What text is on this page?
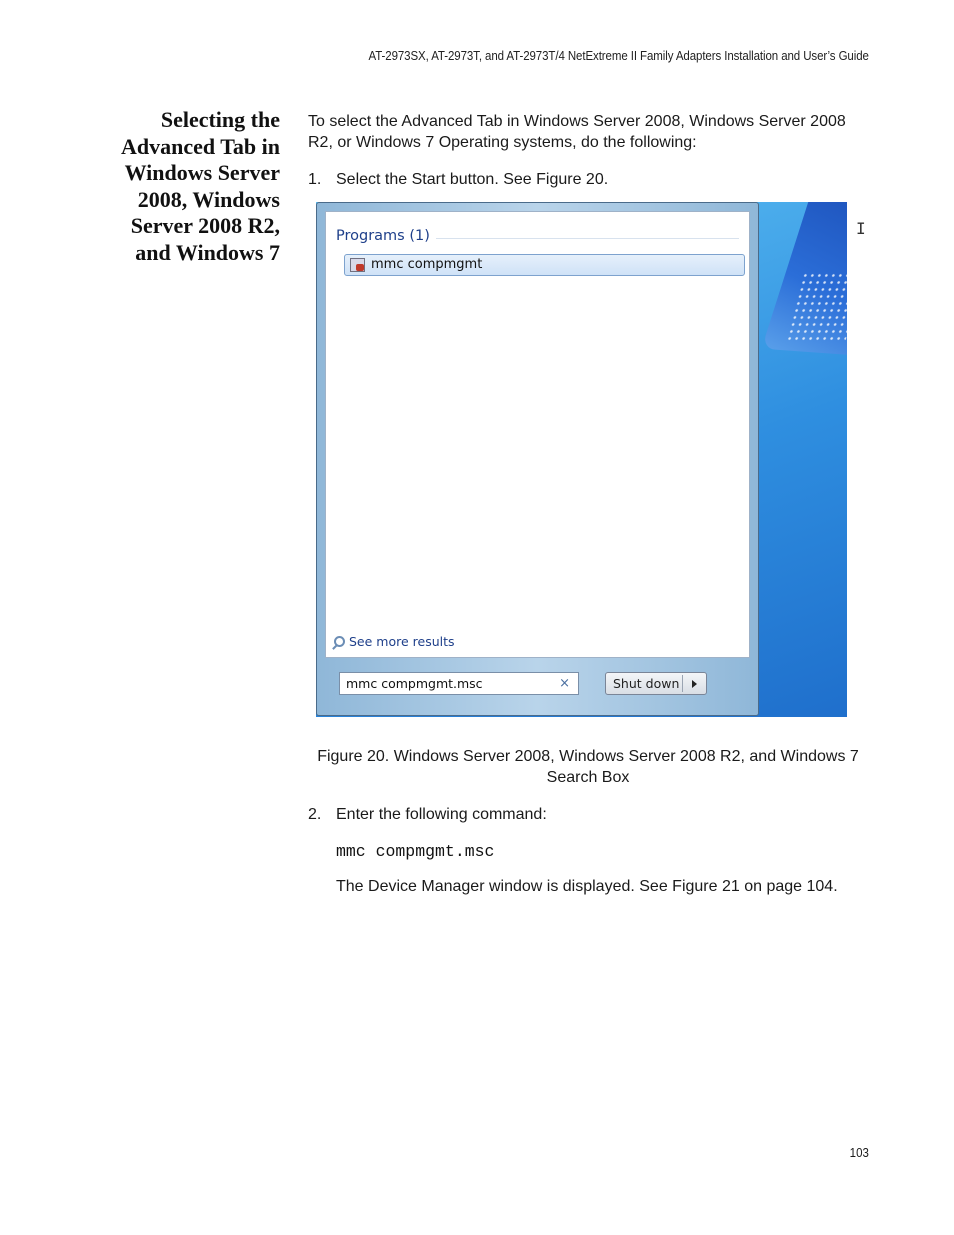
AT-2973SX, AT-2973T, and AT-2973T/4 NetExtreme II Family Adapters Installation and User’s Guide
Selecting the
Advanced Tab in
Windows Server
2008, Windows
Server 2008 R2,
and Windows 7
To select the Advanced Tab in Windows Server 2008, Windows Server 2008 R2, or Windows 7 Operating systems, do the following:
1. Select the Start button. See Figure 20.
Programs (1)
mmc compmgmt
See more results
mmc compmgmt.msc	×	Shut down
I
Figure 20. Windows Server 2008, Windows Server 2008 R2, and Windows 7 Search Box
2. Enter the following command:
mmc compmgmt.msc
The Device Manager window is displayed. See Figure 21 on page 104.
103
